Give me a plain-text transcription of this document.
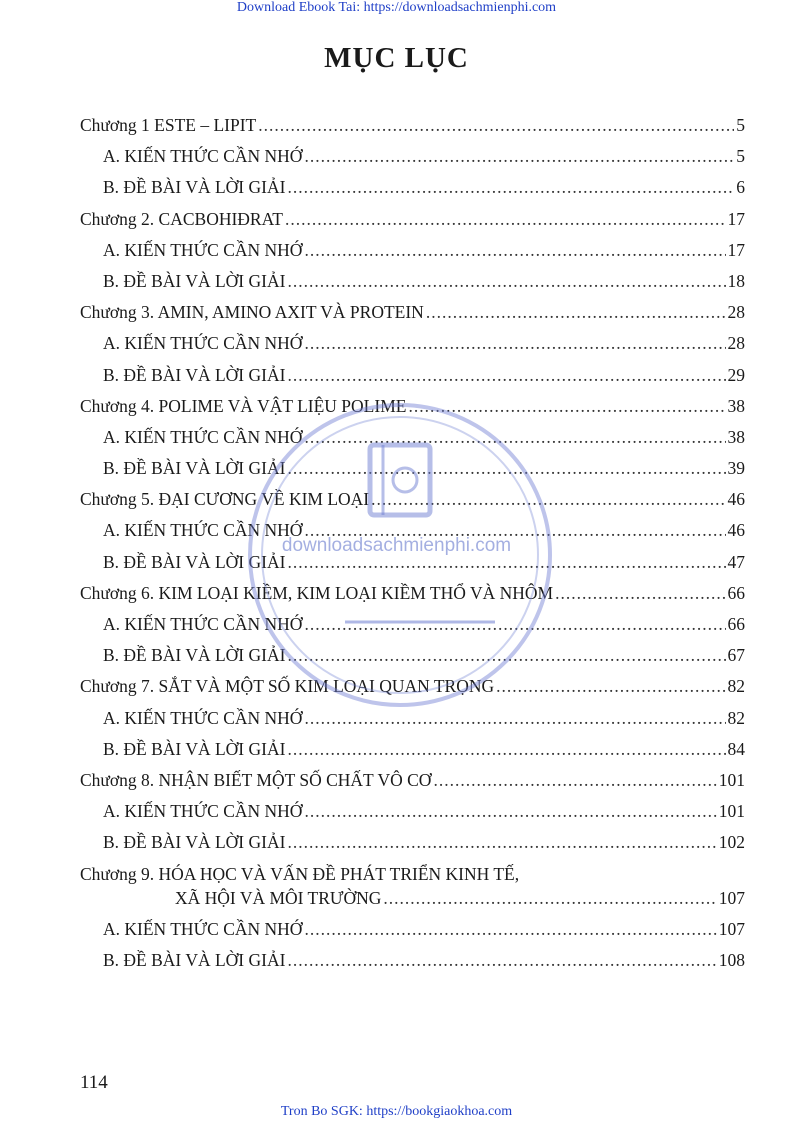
Download Ebook Tai: https://downloadsachmienphi.com
MỤC LỤC
Chương 1 ESTE – LIPIT .....	5
A. KIẾN THỨC CẦN NHỚ .....	5
B. ĐỀ BÀI VÀ LỜI GIẢI .....	6
Chương 2. CACBOHIĐRAT .....	17
A. KIẾN THỨC CẦN NHỚ .....	17
B. ĐỀ BÀI VÀ LỜI GIẢI .....	18
Chương 3. AMIN, AMINO AXIT VÀ PROTEIN .....	28
A. KIẾN THỨC CẦN NHỚ .....	28
B. ĐỀ BÀI VÀ LỜI GIẢI .....	29
Chương 4. POLIME VÀ VẬT LIỆU POLIME .....	38
A. KIẾN THỨC CẦN NHỚ .....	38
B. ĐỀ BÀI VÀ LỜI GIẢI .....	39
Chương 5. ĐẠI CƯƠNG VỀ KIM LOẠI .....	46
A. KIẾN THỨC CẦN NHỚ .....	46
B. ĐỀ BÀI VÀ LỜI GIẢI .....	47
Chương 6. KIM LOẠI KIỀM, KIM LOẠI KIỀM THỔ VÀ NHÔM .....	66
A. KIẾN THỨC CẦN NHỚ .....	66
B. ĐỀ BÀI VÀ LỜI GIẢI .....	67
Chương 7. SẮT VÀ MỘT SỐ KIM LOẠI QUAN TRỌNG .....	82
A. KIẾN THỨC CẦN NHỚ .....	82
B. ĐỀ BÀI VÀ LỜI GIẢI .....	84
Chương 8. NHẬN BIẾT MỘT SỐ CHẤT VÔ CƠ .....	101
A. KIẾN THỨC CẦN NHỚ .....	101
B. ĐỀ BÀI VÀ LỜI GIẢI .....	102
Chương 9. HÓA HỌC VÀ VẤN ĐỀ PHÁT TRIỂN KINH TẾ,
XÃ HỘI VÀ MÔI TRƯỜNG .....	107
A. KIẾN THỨC CẦN NHỚ .....	107
B. ĐỀ BÀI VÀ LỜI GIẢI .....	108
downloadsachmienphi.com
114
Tron Bo SGK: https://bookgiaokhoa.com
